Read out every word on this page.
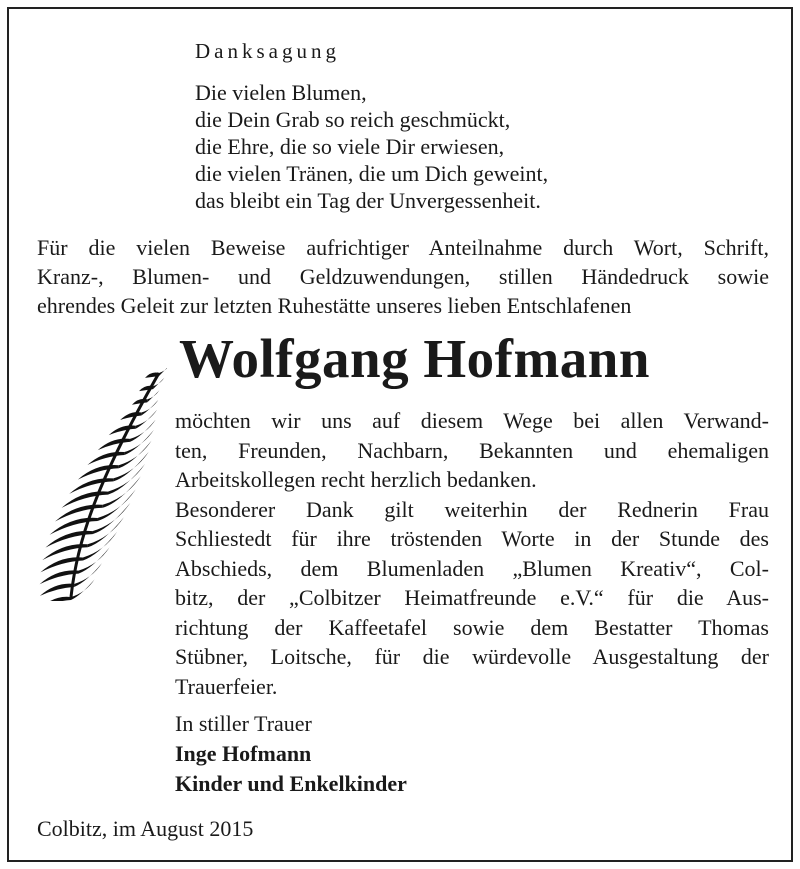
Danksagung
Die vielen Blumen,
die Dein Grab so reich geschmückt,
die Ehre, die so viele Dir erwiesen,
die vielen Tränen, die um Dich geweint,
das bleibt ein Tag der Unvergessenheit.
Für die vielen Beweise aufrichtiger Anteilnahme durch Wort, Schrift,
Kranz-, Blumen- und Geldzuwendungen, stillen Händedruck sowie
ehrendes Geleit zur letzten Ruhestätte unseres lieben Entschlafenen
Wolfgang Hofmann
möchten wir uns auf diesem Wege bei allen Verwand-
ten, Freunden, Nachbarn, Bekannten und ehemaligen
Arbeitskollegen recht herzlich bedanken.
Besonderer Dank gilt weiterhin der Rednerin Frau
Schliestedt für ihre tröstenden Worte in der Stunde des
Abschieds, dem Blumenladen „Blumen Kreativ“, Col-
bitz, der „Colbitzer Heimatfreunde e.V.“ für die Aus-
richtung der Kaffeetafel sowie dem Bestatter Thomas
Stübner, Loitsche, für die würdevolle Ausgestaltung der
Trauerfeier.
In stiller Trauer
Inge Hofmann
Kinder und Enkelkinder
Colbitz, im August 2015
